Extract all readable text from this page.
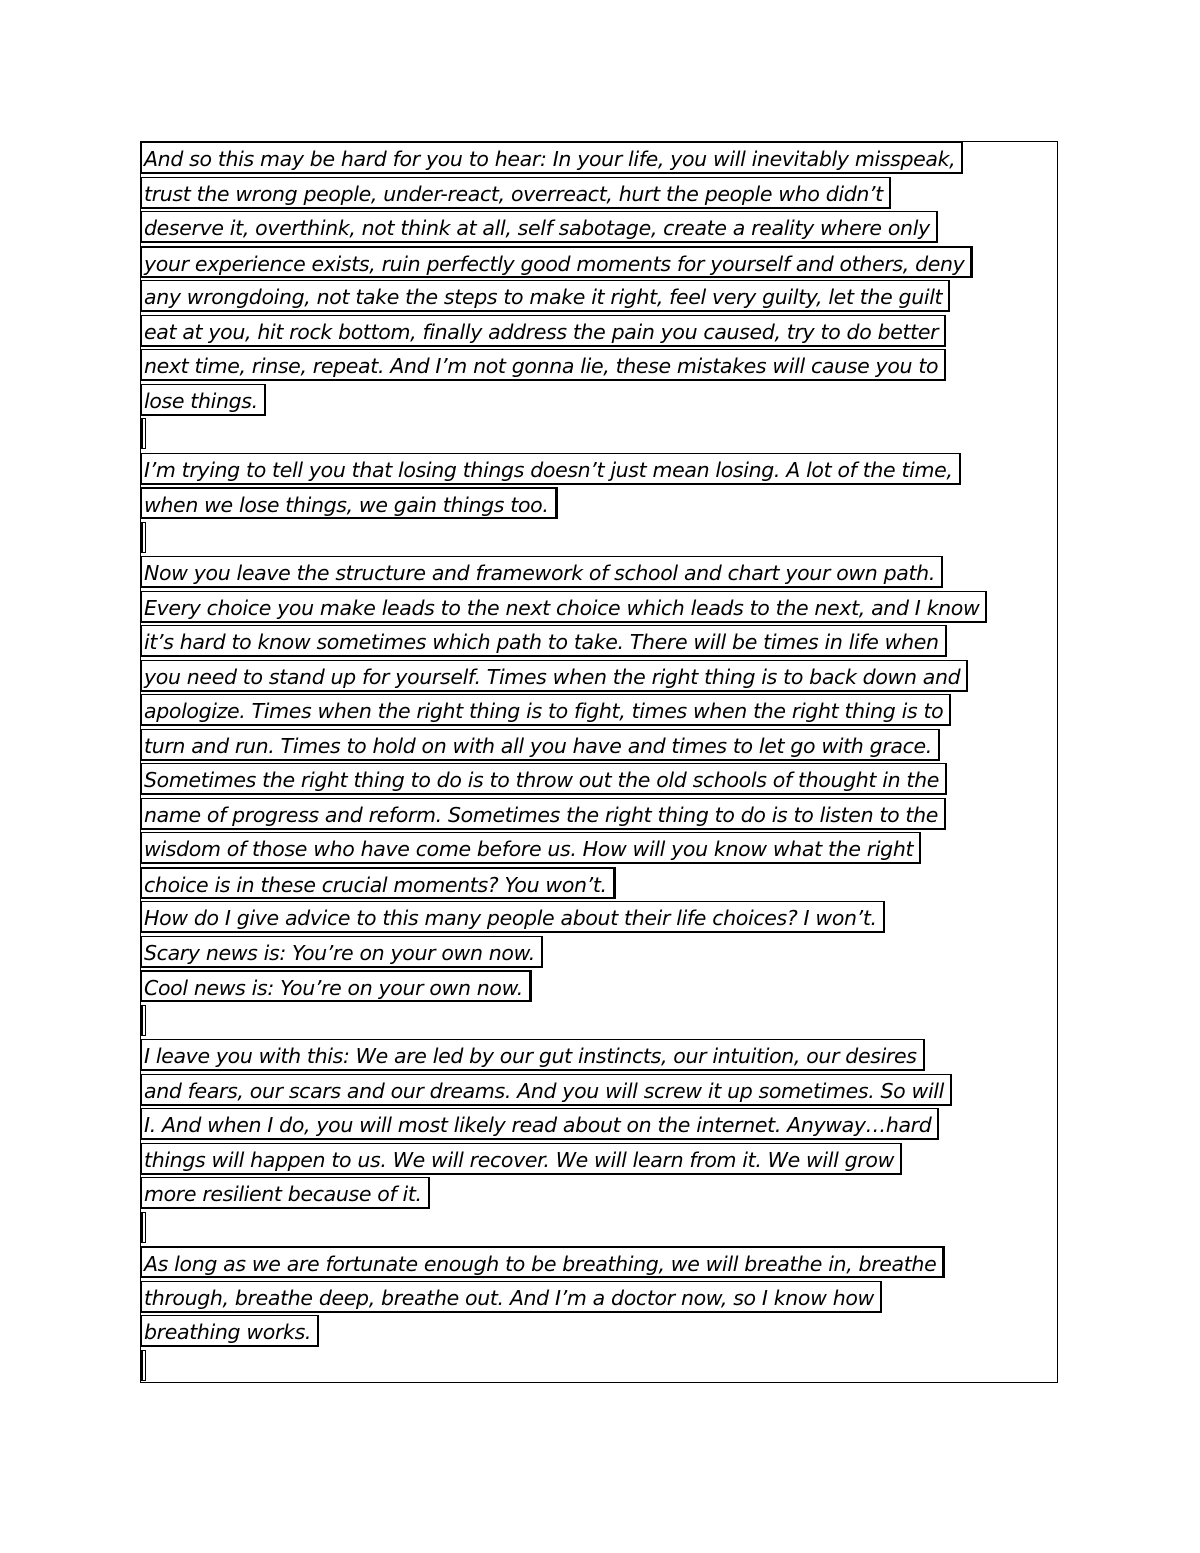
And so this may be hard for you to hear: In your life, you will inevitably misspeak,
trust the wrong people, under-react, overreact, hurt the people who didn’t
deserve it, overthink, not think at all, self sabotage, create a reality where only
your experience exists, ruin perfectly good moments for yourself and others, deny
any wrongdoing, not take the steps to make it right, feel very guilty, let the guilt
eat at you, hit rock bottom, finally address the pain you caused, try to do better
next time, rinse, repeat. And I’m not gonna lie, these mistakes will cause you to
lose things.
I’m trying to tell you that losing things doesn’t just mean losing. A lot of the time,
when we lose things, we gain things too.
Now you leave the structure and framework of school and chart your own path.
Every choice you make leads to the next choice which leads to the next, and I know
it’s hard to know sometimes which path to take. There will be times in life when
you need to stand up for yourself. Times when the right thing is to back down and
apologize. Times when the right thing is to fight, times when the right thing is to
turn and run. Times to hold on with all you have and times to let go with grace.
Sometimes the right thing to do is to throw out the old schools of thought in the
name of progress and reform. Sometimes the right thing to do is to listen to the
wisdom of those who have come before us. How will you know what the right
choice is in these crucial moments? You won’t.
How do I give advice to this many people about their life choices? I won’t.
Scary news is: You’re on your own now.
Cool news is: You’re on your own now.
I leave you with this: We are led by our gut instincts, our intuition, our desires
and fears, our scars and our dreams. And you will screw it up sometimes. So will
I. And when I do, you will most likely read about on the internet. Anyway…hard
things will happen to us. We will recover. We will learn from it. We will grow
more resilient because of it.
As long as we are fortunate enough to be breathing, we will breathe in, breathe
through, breathe deep, breathe out. And I’m a doctor now, so I know how
breathing works.
